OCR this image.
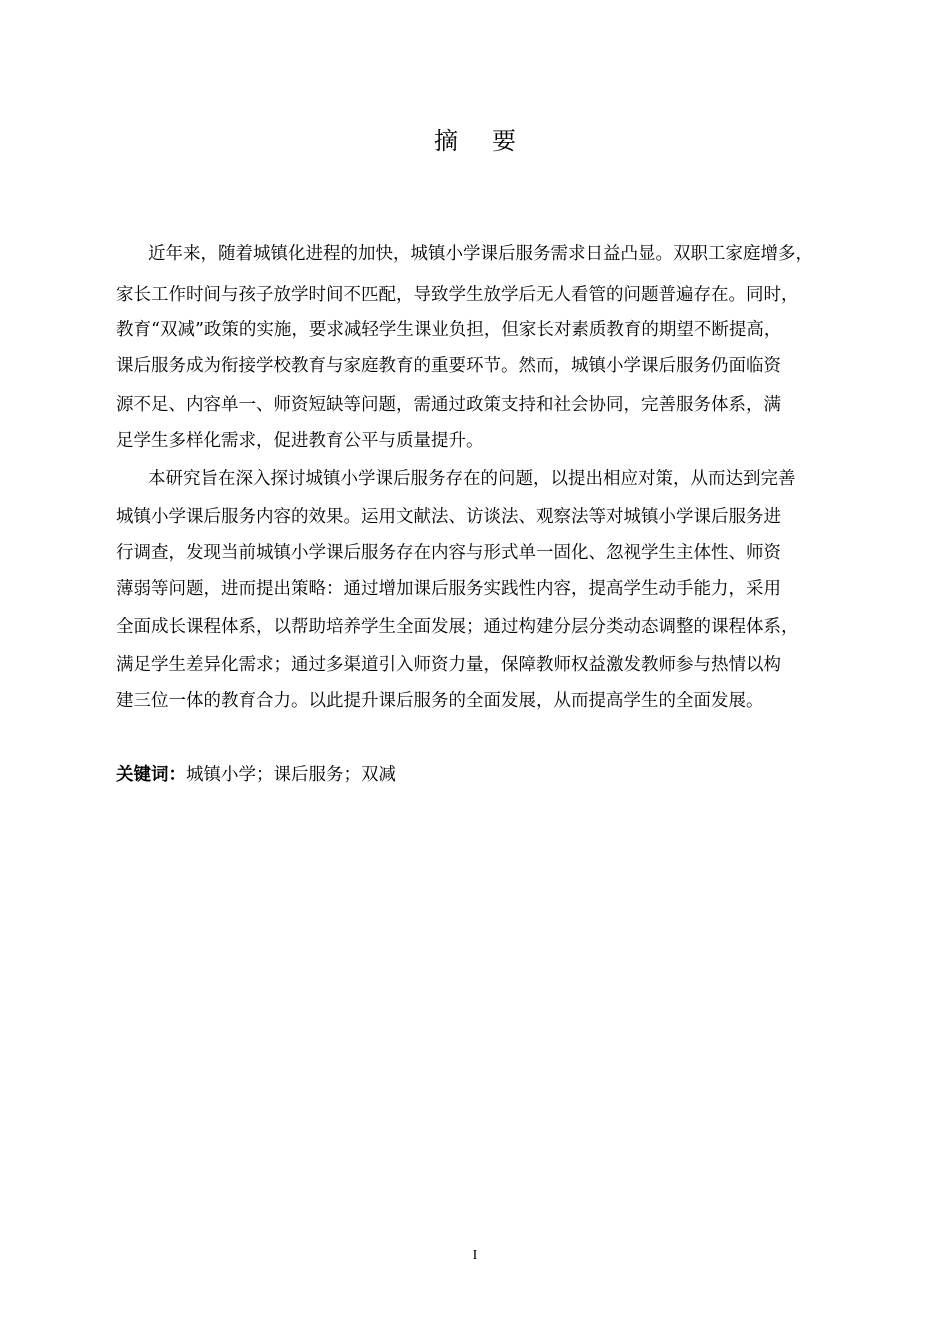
摘 要
近年来，随着城镇化进程的加快，城镇小学课后服务需求日益凸显。双职工家庭增多，
家长工作时间与孩子放学时间不匹配，导致学生放学后无人看管的问题普遍存在。同时，
教育“双减”政策的实施，要求减轻学生课业负担，但家长对素质教育的期望不断提高，
课后服务成为衔接学校教育与家庭教育的重要环节。然而，城镇小学课后服务仍面临资
源不足、内容单一、师资短缺等问题，需通过政策支持和社会协同，完善服务体系，满
足学生多样化需求，促进教育公平与质量提升。
本研究旨在深入探讨城镇小学课后服务存在的问题，以提出相应对策，从而达到完善
城镇小学课后服务内容的效果。运用文献法、访谈法、观察法等对城镇小学课后服务进
行调查，发现当前城镇小学课后服务存在内容与形式单一固化、忽视学生主体性、师资
薄弱等问题，进而提出策略：通过增加课后服务实践性内容，提高学生动手能力，采用
全面成长课程体系，以帮助培养学生全面发展；通过构建分层分类动态调整的课程体系，
满足学生差异化需求；通过多渠道引入师资力量，保障教师权益激发教师参与热情以构
建三位一体的教育合力。以此提升课后服务的全面发展，从而提高学生的全面发展。
关键词：城镇小学；课后服务；双减
I
